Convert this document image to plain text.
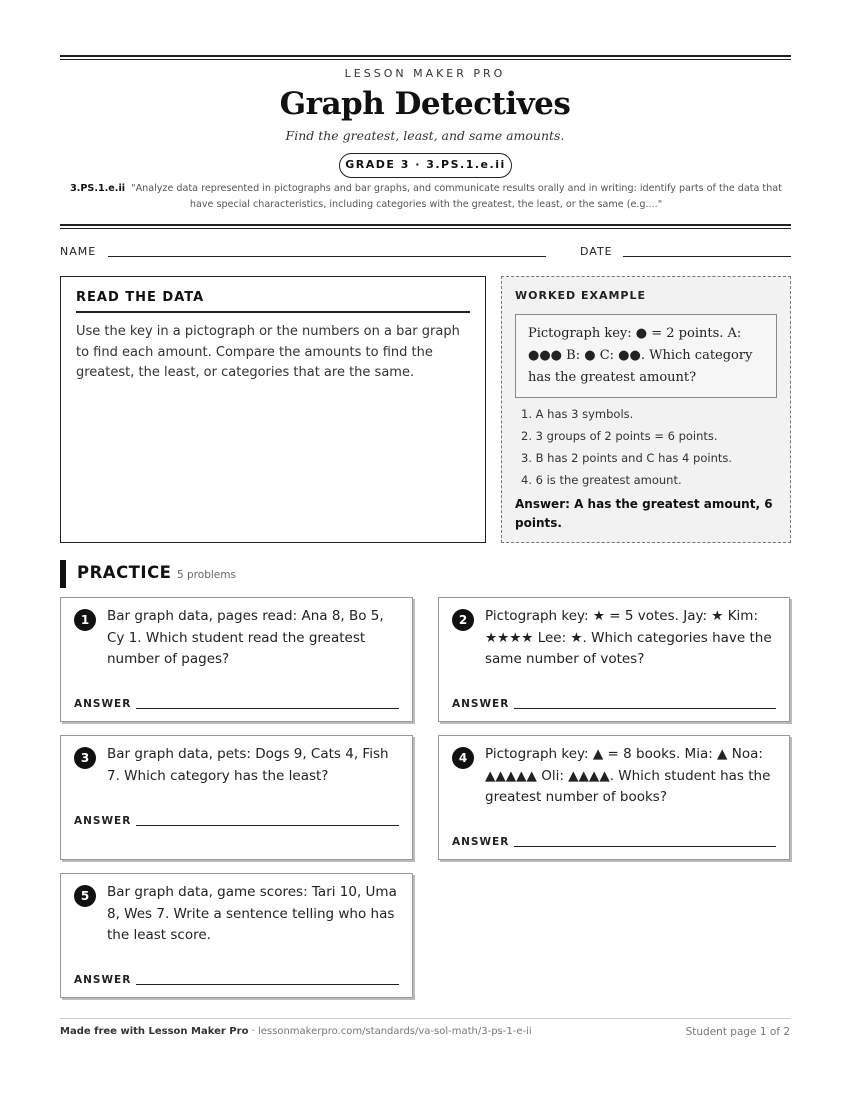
LESSON MAKER PRO
Graph Detectives
Find the greatest, least, and same amounts.
GRADE 3 · 3.PS.1.e.ii
3.PS.1.e.ii "Analyze data represented in pictographs and bar graphs, and communicate results orally and in writing: identify parts of the data that have special characteristics, including categories with the greatest, the least, or the same (e.g...."
NAME	DATE
READ THE DATA
Use the key in a pictograph or the numbers on a bar graph to find each amount. Compare the amounts to find the greatest, the least, or categories that are the same.
WORKED EXAMPLE
Pictograph key: ● = 2 points. A: ●●● B: ● C: ●●. Which category has the greatest amount?
1. A has 3 symbols.
2. 3 groups of 2 points = 6 points.
3. B has 2 points and C has 4 points.
4. 6 is the greatest amount.
Answer: A has the greatest amount, 6 points.
PRACTICE 5 problems
1	Bar graph data, pages read: Ana 8, Bo 5, Cy 1. Which student read the greatest number of pages?
ANSWER
2	Pictograph key: ★ = 5 votes. Jay: ★ Kim: ★★★★ Lee: ★. Which categories have the same number of votes?
ANSWER
3	Bar graph data, pets: Dogs 9, Cats 4, Fish 7. Which category has the least?
ANSWER
4	Pictograph key: ▲ = 8 books. Mia: ▲ Noa: ▲▲▲▲▲ Oli: ▲▲▲▲. Which student has the greatest number of books?
ANSWER
5	Bar graph data, game scores: Tari 10, Uma 8, Wes 7. Write a sentence telling who has the least score.
ANSWER
Made free with Lesson Maker Pro · lessonmakerpro.com/standards/va-sol-math/3-ps-1-e-ii	Student page 1 of 2
